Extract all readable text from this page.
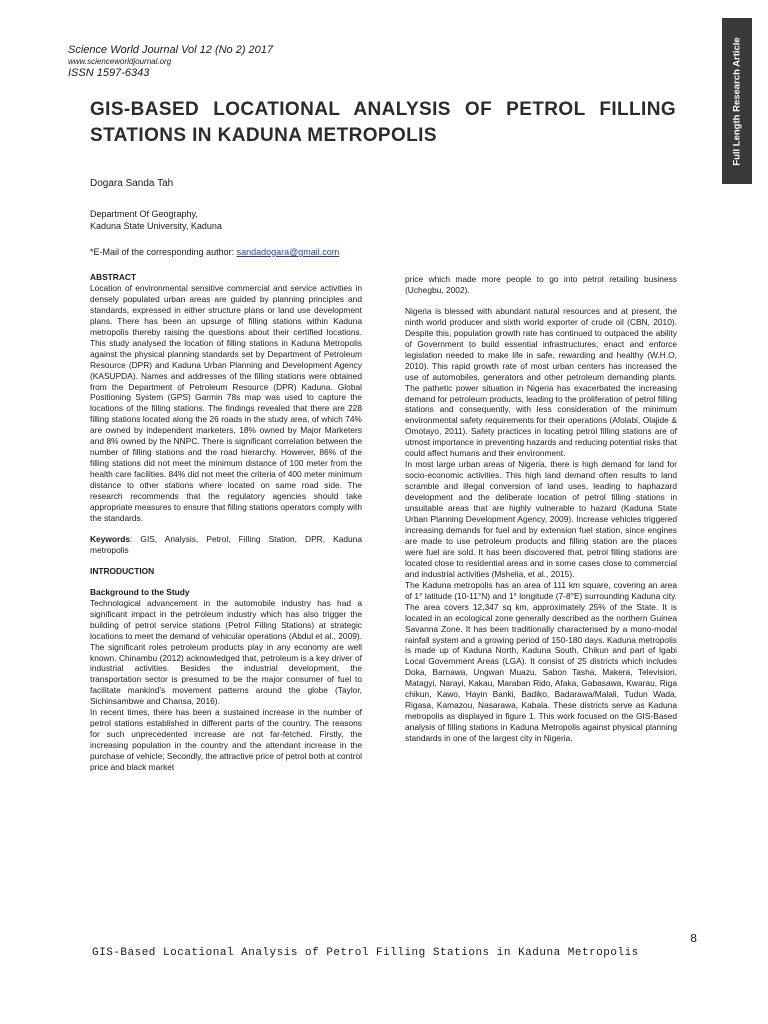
Science World Journal Vol 12 (No 2) 2017
www.scienceworldjournal.org
ISSN 1597-6343	Full Length Research Article
GIS-BASED LOCATIONAL ANALYSIS OF PETROL FILLING STATIONS IN KADUNA METROPOLIS
Dogara Sanda Tah
Department Of Geography,
Kaduna State University, Kaduna
*E-Mail of the corresponding author: sandadogara@gmail.com

ABSTRACT

Location of environmental sensitive commercial and service activities in densely populated urban areas are guided by planning principles and standards, expressed in either structure plans or land use development plans. There has been an upsurge of filling stations within Kaduna metropolis thereby raising the questions about their certified locations. This study analysed the location of filling stations in Kaduna Metropolis against the physical planning standards set by Department of Petroleum Resource (DPR) and Kaduna Urban Planning and Development Agency (KASUPDA). Names and addresses of the filling stations were obtained from the Department of Petroleum Resource (DPR) Kaduna. Global Positioning System (GPS) Garmin 78s map was used to capture the locations of the filling stations. The findings revealed that there are 228 filling stations located along the 26 roads in the study area, of which 74% are owned by independent marketers, 18% owned by Major Marketers and 8% owned by the NNPC. There is significant correlation between the number of filling stations and the road hierarchy. However, 86% of the filling stations did not meet the minimum distance of 100 meter from the health care facilities. 84% did not meet the criteria of 400 meter minimum distance to other stations where located on same road side. The research recommends that the regulatory agencies should take appropriate measures to ensure that filling stations operators comply with the standards.

Keywords: GIS, Analysis, Petrol, Filling Station, DPR, Kaduna metropolis

INTRODUCTION

Background to the Study

Technological advancement in the automobile industry has had a significant impact in the petroleum industry which has also trigger the building of petrol service stations (Petrol Filling Stations) at strategic locations to meet the demand of vehicular operations (Abdul et al., 2009). The significant roles petroleum products play in any economy are well known. Chinambu (2012) acknowledged that, petroleum is a key driver of industrial activities. Besides the industrial development, the transportation sector is presumed to be the major consumer of fuel to facilitate mankind's movement patterns around the globe (Taylor, Sichinsambwe and Chansa, 2016).

In recent times, there has been a sustained increase in the number of petrol stations established in different parts of the country. The reasons for such unprecedented increase are not far-fetched. Firstly, the increasing population in the country and the attendant increase in the purchase of vehicle; Secondly, the attractive price of petrol both at control price and black market

price which made more people to go into petrol retailing business (Uchegbu, 2002).

Nigeria is blessed with abundant natural resources and at present, the ninth world producer and sixth world exporter of crude oil (CBN, 2010). Despite this, population growth rate has continued to outpaced the ability of Government to build essential infrastructures, enact and enforce legislation needed to make life in safe, rewarding and healthy (W.H.O, 2010). This rapid growth rate of most urban centers has increased the use of automobiles, generators and other petroleum demanding plants. The pathetic power situation in Nigeria has exacerbated the increasing demand for petroleum products, leading to the proliferation of petrol filling stations and consequently, with less consideration of the minimum environmental safety requirements for their operations (Afolabi, Olajide & Omotayo, 2011). Safety practices in locating petrol filling stations are of utmost importance in preventing hazards and reducing potential risks that could affect humans and their environment.

In most large urban areas of Nigeria, there is high demand for land for socio-economic activities. This high land demand often results to land scramble and illegal conversion of land uses, leading to haphazard development and the deliberate location of petrol filling stations in unsuitable areas that are highly vulnerable to hazard (Kaduna State Urban Planning Development Agency, 2009). Increase vehicles triggered increasing demands for fuel and by extension fuel station, since engines are made to use petroleum products and filling station are the places were fuel are sold. It has been discovered that, petrol filling stations are located close to residential areas and in some cases close to commercial and industrial activities (Mshelia, et al., 2015).

The Kaduna metropolis has an area of 111 km square, covering an area of 1° latitude (10-11°N) and 1° longitude (7-8°E) surrounding Kaduna city. The area covers 12,347 sq km, approximately 25% of the State. It is located in an ecological zone generally described as the northern Guinea Savanna Zone. It has been traditionally characterised by a mono-modal rainfall system and a growing period of 150-180 days. Kaduna metropolis is made up of Kaduna North, Kaduna South, Chikun and part of Igabi Local Government Areas (LGA). It consist of 25 districts which includes Doka, Barnawa, Ungwan Muazu, Sabon Tasha, Makera, Television, Matagyi, Narayi, Kakau, Maraban Rido, Afaka, Gabasawa, Kwarau, Riga chikun, Kawo, Hayin Banki, Badiko, Badarawa/Malali, Tudun Wada, Rigasa, Kamazou, Nasarawa, Kabala. These districts serve as Kaduna metropolis as displayed in figure 1. This work focused on the GIS-Based analysis of filling stations in Kaduna Metropolis against physical planning standards in one of the largest city in Nigeria.

8
GIS-Based Locational Analysis of Petrol Filling Stations in Kaduna Metropolis
